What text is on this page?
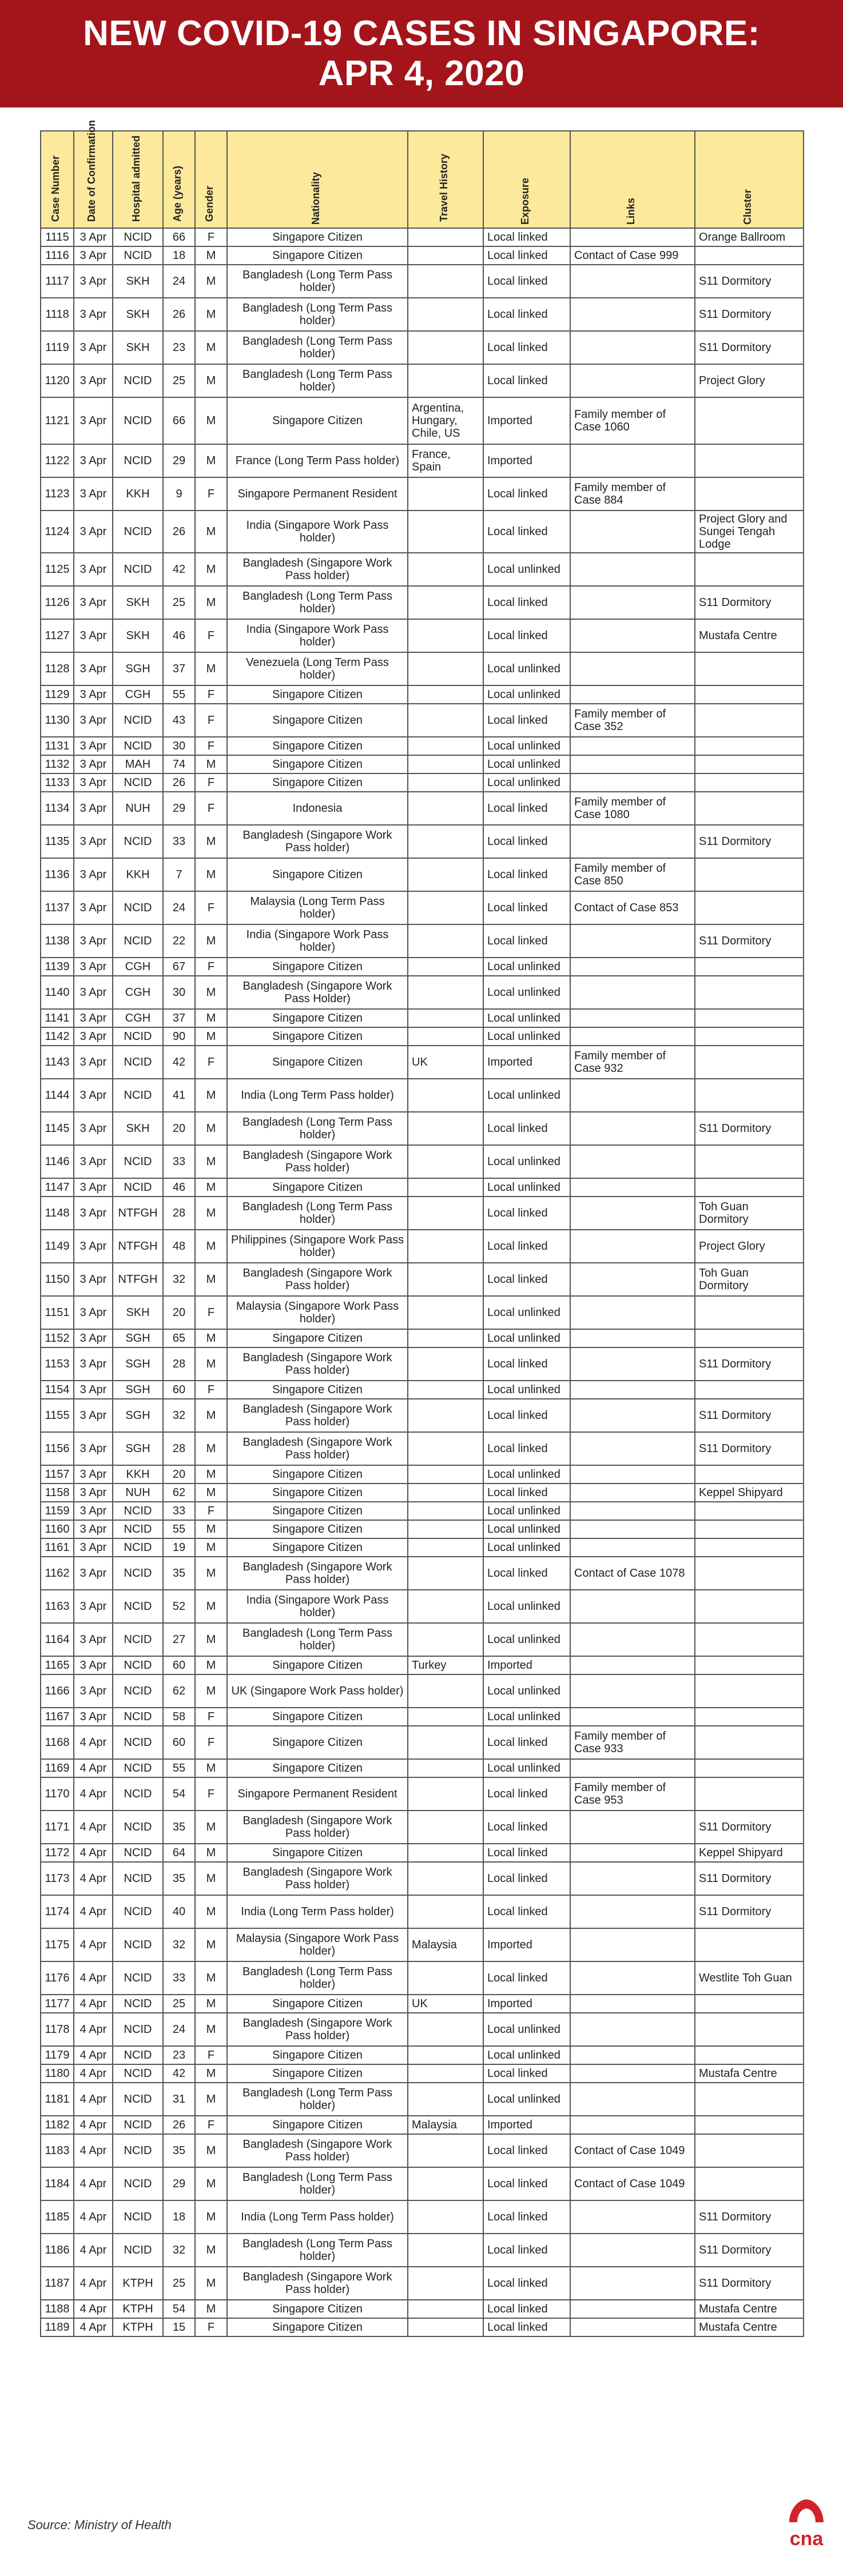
NEW COVID-19 CASES IN SINGAPORE:
APR 4, 2020
Case Number	Date of Confirmation	Hospital admitted	Age (years)	Gender	Nationality	Travel History	Exposure	Links	Cluster

1115	3 Apr	NCID	66	F	Singapore Citizen		Local linked		Orange Ballroom
1116	3 Apr	NCID	18	M	Singapore Citizen		Local linked	Contact of Case 999	
1117	3 Apr	SKH	24	M	Bangladesh (Long Term Pass holder)		Local linked		S11 Dormitory
1118	3 Apr	SKH	26	M	Bangladesh (Long Term Pass holder)		Local linked		S11 Dormitory
1119	3 Apr	SKH	23	M	Bangladesh (Long Term Pass holder)		Local linked		S11 Dormitory
1120	3 Apr	NCID	25	M	Bangladesh (Long Term Pass holder)		Local linked		Project Glory
1121	3 Apr	NCID	66	M	Singapore Citizen	Argentina, Hungary, Chile, US	Imported	Family member of Case 1060	
1122	3 Apr	NCID	29	M	France (Long Term Pass holder)	France, Spain	Imported		
1123	3 Apr	KKH	9	F	Singapore Permanent Resident		Local linked	Family member of Case 884	
1124	3 Apr	NCID	26	M	India (Singapore Work Pass holder)		Local linked		Project Glory and Sungei Tengah Lodge
1125	3 Apr	NCID	42	M	Bangladesh (Singapore Work Pass holder)		Local unlinked		
1126	3 Apr	SKH	25	M	Bangladesh (Long Term Pass holder)		Local linked		S11 Dormitory
1127	3 Apr	SKH	46	F	India (Singapore Work Pass holder)		Local linked		Mustafa Centre
1128	3 Apr	SGH	37	M	Venezuela (Long Term Pass holder)		Local unlinked		
1129	3 Apr	CGH	55	F	Singapore Citizen		Local unlinked		
1130	3 Apr	NCID	43	F	Singapore Citizen		Local linked	Family member of Case 352	
1131	3 Apr	NCID	30	F	Singapore Citizen		Local unlinked		
1132	3 Apr	MAH	74	M	Singapore Citizen		Local unlinked		
1133	3 Apr	NCID	26	F	Singapore Citizen		Local unlinked		
1134	3 Apr	NUH	29	F	Indonesia		Local linked	Family member of Case 1080	
1135	3 Apr	NCID	33	M	Bangladesh (Singapore Work Pass holder)		Local linked		S11 Dormitory
1136	3 Apr	KKH	7	M	Singapore Citizen		Local linked	Family member of Case 850	
1137	3 Apr	NCID	24	F	Malaysia (Long Term Pass holder)		Local linked	Contact of Case 853	
1138	3 Apr	NCID	22	M	India (Singapore Work Pass holder)		Local linked		S11 Dormitory
1139	3 Apr	CGH	67	F	Singapore Citizen		Local unlinked		
1140	3 Apr	CGH	30	M	Bangladesh (Singapore Work Pass Holder)		Local unlinked		
1141	3 Apr	CGH	37	M	Singapore Citizen		Local unlinked		
1142	3 Apr	NCID	90	M	Singapore Citizen		Local unlinked		
1143	3 Apr	NCID	42	F	Singapore Citizen	UK	Imported	Family member of Case 932	
1144	3 Apr	NCID	41	M	India (Long Term Pass holder)		Local unlinked		
1145	3 Apr	SKH	20	M	Bangladesh (Long Term Pass holder)		Local linked		S11 Dormitory
1146	3 Apr	NCID	33	M	Bangladesh (Singapore Work Pass holder)		Local unlinked		
1147	3 Apr	NCID	46	M	Singapore Citizen		Local unlinked		
1148	3 Apr	NTFGH	28	M	Bangladesh (Long Term Pass holder)		Local linked		Toh Guan Dormitory
1149	3 Apr	NTFGH	48	M	Philippines (Singapore Work Pass holder)		Local linked		Project Glory
1150	3 Apr	NTFGH	32	M	Bangladesh (Singapore Work Pass holder)		Local linked		Toh Guan Dormitory
1151	3 Apr	SKH	20	F	Malaysia (Singapore Work Pass holder)		Local unlinked		
1152	3 Apr	SGH	65	M	Singapore Citizen		Local unlinked		
1153	3 Apr	SGH	28	M	Bangladesh (Singapore Work Pass holder)		Local linked		S11 Dormitory
1154	3 Apr	SGH	60	F	Singapore Citizen		Local unlinked		
1155	3 Apr	SGH	32	M	Bangladesh (Singapore Work Pass holder)		Local linked		S11 Dormitory
1156	3 Apr	SGH	28	M	Bangladesh (Singapore Work Pass holder)		Local linked		S11 Dormitory
1157	3 Apr	KKH	20	M	Singapore Citizen		Local unlinked		
1158	3 Apr	NUH	62	M	Singapore Citizen		Local linked		Keppel Shipyard
1159	3 Apr	NCID	33	F	Singapore Citizen		Local unlinked		
1160	3 Apr	NCID	55	M	Singapore Citizen		Local unlinked		
1161	3 Apr	NCID	19	M	Singapore Citizen		Local unlinked		
1162	3 Apr	NCID	35	M	Bangladesh (Singapore Work Pass holder)		Local linked	Contact of Case 1078	
1163	3 Apr	NCID	52	M	India (Singapore Work Pass holder)		Local unlinked		
1164	3 Apr	NCID	27	M	Bangladesh (Long Term Pass holder)		Local unlinked		
1165	3 Apr	NCID	60	M	Singapore Citizen	Turkey	Imported		
1166	3 Apr	NCID	62	M	UK (Singapore Work Pass holder)		Local unlinked		
1167	3 Apr	NCID	58	F	Singapore Citizen		Local unlinked		
1168	4 Apr	NCID	60	F	Singapore Citizen		Local linked	Family member of Case 933	
1169	4 Apr	NCID	55	M	Singapore Citizen		Local unlinked		
1170	4 Apr	NCID	54	F	Singapore Permanent Resident		Local linked	Family member of Case 953	
1171	4 Apr	NCID	35	M	Bangladesh (Singapore Work Pass holder)		Local linked		S11 Dormitory
1172	4 Apr	NCID	64	M	Singapore Citizen		Local linked		Keppel Shipyard
1173	4 Apr	NCID	35	M	Bangladesh (Singapore Work Pass holder)		Local linked		S11 Dormitory
1174	4 Apr	NCID	40	M	India (Long Term Pass holder)		Local linked		S11 Dormitory
1175	4 Apr	NCID	32	M	Malaysia (Singapore Work Pass holder)	Malaysia	Imported		
1176	4 Apr	NCID	33	M	Bangladesh (Long Term Pass holder)		Local linked		Westlite Toh Guan
1177	4 Apr	NCID	25	M	Singapore Citizen	UK	Imported		
1178	4 Apr	NCID	24	M	Bangladesh (Singapore Work Pass holder)		Local unlinked		
1179	4 Apr	NCID	23	F	Singapore Citizen		Local unlinked		
1180	4 Apr	NCID	42	M	Singapore Citizen		Local linked		Mustafa Centre
1181	4 Apr	NCID	31	M	Bangladesh (Long Term Pass holder)		Local unlinked		
1182	4 Apr	NCID	26	F	Singapore Citizen	Malaysia	Imported		
1183	4 Apr	NCID	35	M	Bangladesh (Singapore Work Pass holder)		Local linked	Contact of Case 1049	
1184	4 Apr	NCID	29	M	Bangladesh (Long Term Pass holder)		Local linked	Contact of Case 1049	
1185	4 Apr	NCID	18	M	India (Long Term Pass holder)		Local linked		S11 Dormitory
1186	4 Apr	NCID	32	M	Bangladesh (Long Term Pass holder)		Local linked		S11 Dormitory
1187	4 Apr	KTPH	25	M	Bangladesh (Singapore Work Pass holder)		Local linked		S11 Dormitory
1188	4 Apr	KTPH	54	M	Singapore Citizen		Local linked		Mustafa Centre
1189	4 Apr	KTPH	15	F	Singapore Citizen		Local linked		Mustafa Centre
Source: Ministry of Health
cna
